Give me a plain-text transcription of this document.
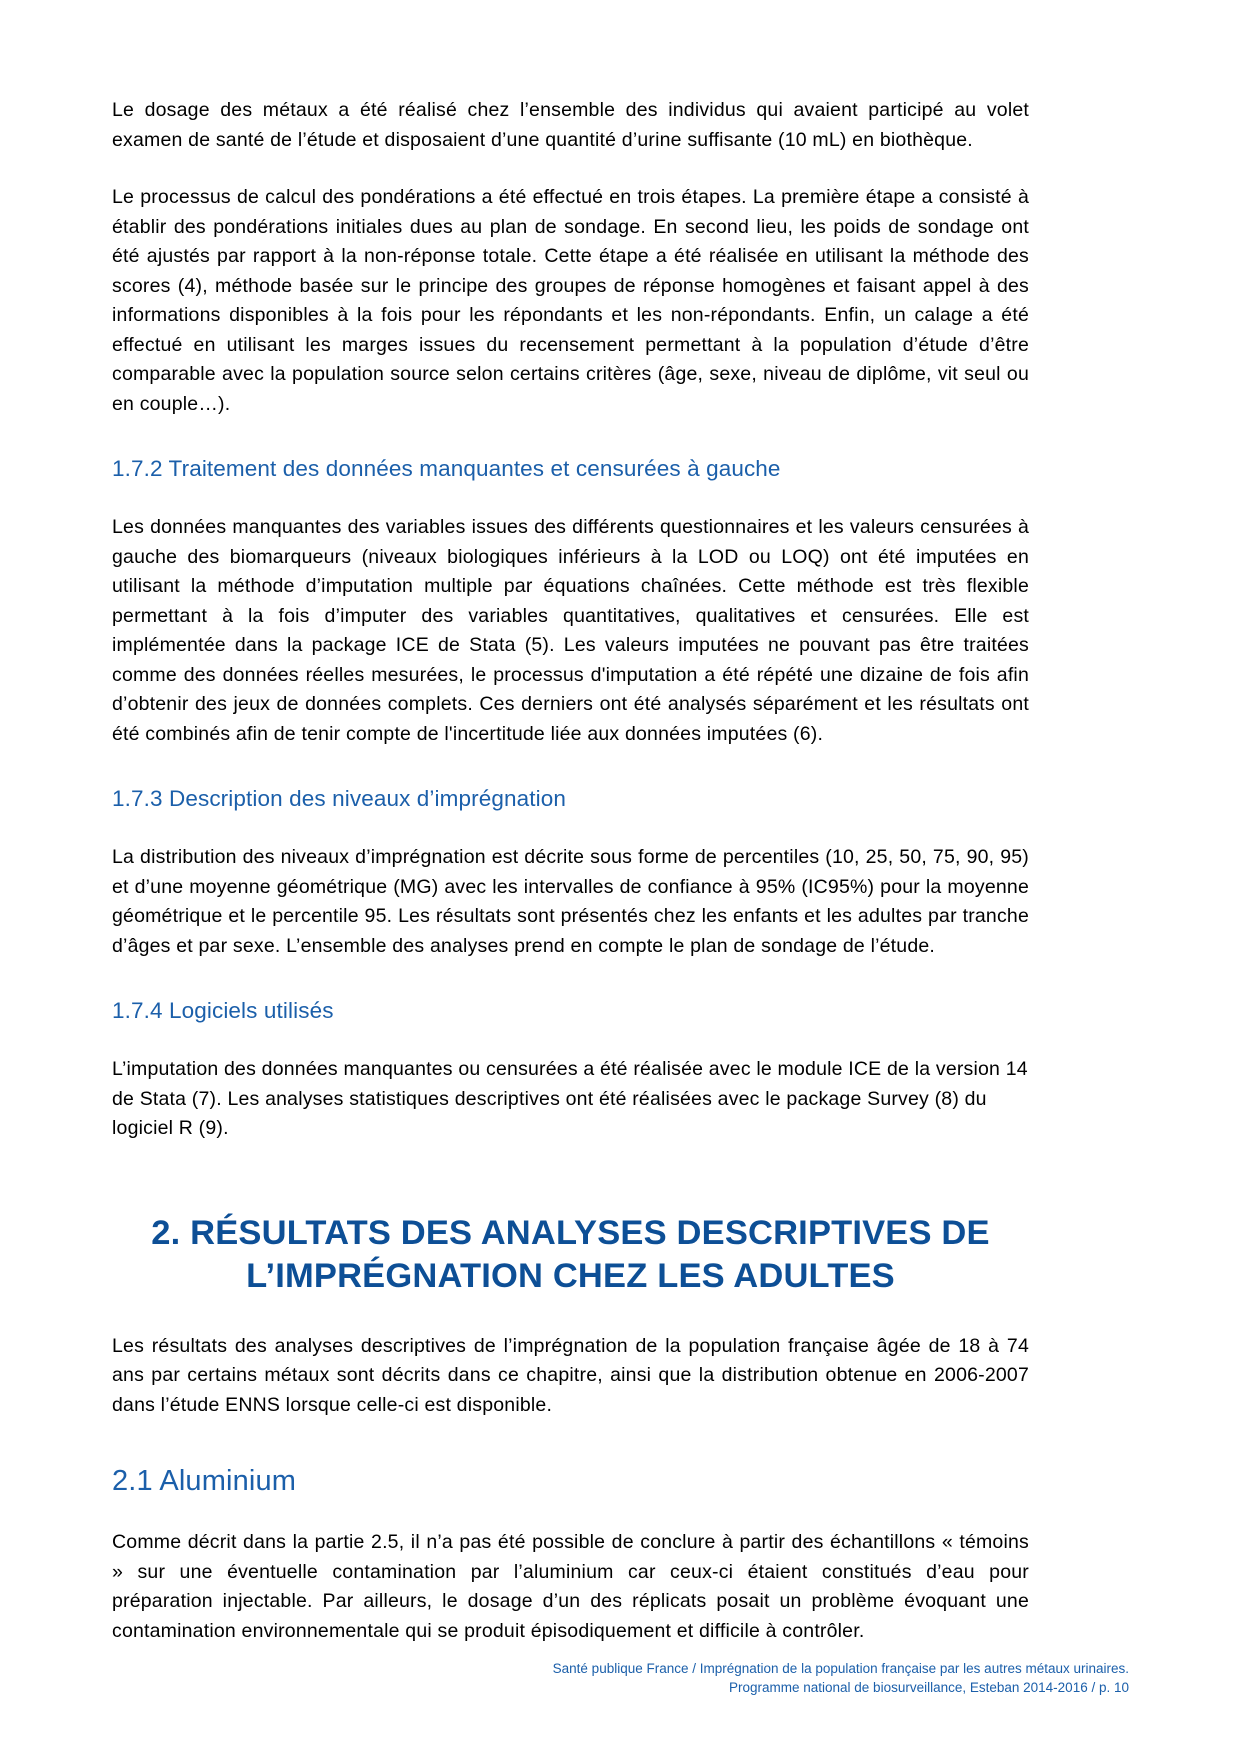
Le dosage des métaux a été réalisé chez l’ensemble des individus qui avaient participé au volet examen de santé de l’étude et disposaient d’une quantité d’urine suffisante (10 mL) en biothèque.

Le processus de calcul des pondérations a été effectué en trois étapes. La première étape a consisté à établir des pondérations initiales dues au plan de sondage. En second lieu, les poids de sondage ont été ajustés par rapport à la non-réponse totale. Cette étape a été réalisée en utilisant la méthode des scores (4), méthode basée sur le principe des groupes de réponse homogènes et faisant appel à des informations disponibles à la fois pour les répondants et les non-répondants. Enfin, un calage a été effectué en utilisant les marges issues du recensement permettant à la population d’étude d’être comparable avec la population source selon certains critères (âge, sexe, niveau de diplôme, vit seul ou en couple…).

1.7.2 Traitement des données manquantes et censurées à gauche

Les données manquantes des variables issues des différents questionnaires et les valeurs censurées à gauche des biomarqueurs (niveaux biologiques inférieurs à la LOD ou LOQ) ont été imputées en utilisant la méthode d’imputation multiple par équations chaînées. Cette méthode est très flexible permettant à la fois d’imputer des variables quantitatives, qualitatives et censurées. Elle est implémentée dans la package ICE de Stata (5). Les valeurs imputées ne pouvant pas être traitées comme des données réelles mesurées, le processus d'imputation a été répété une dizaine de fois afin d’obtenir des jeux de données complets. Ces derniers ont été analysés séparément et les résultats ont été combinés afin de tenir compte de l'incertitude liée aux données imputées (6).

1.7.3 Description des niveaux d’imprégnation

La distribution des niveaux d’imprégnation est décrite sous forme de percentiles (10, 25, 50, 75, 90, 95) et d’une moyenne géométrique (MG) avec les intervalles de confiance à 95% (IC95%) pour la moyenne géométrique et le percentile 95. Les résultats sont présentés chez les enfants et les adultes par tranche d’âges et par sexe. L’ensemble des analyses prend en compte le plan de sondage de l’étude.

1.7.4 Logiciels utilisés

L’imputation des données manquantes ou censurées a été réalisée avec le module ICE de la version 14 de Stata (7). Les analyses statistiques descriptives ont été réalisées avec le package Survey (8) du logiciel R (9).

2. RÉSULTATS DES ANALYSES DESCRIPTIVES DE L’IMPRÉGNATION CHEZ LES ADULTES

Les résultats des analyses descriptives de l’imprégnation de la population française âgée de 18 à 74 ans par certains métaux sont décrits dans ce chapitre, ainsi que la distribution obtenue en 2006-2007 dans l’étude ENNS lorsque celle-ci est disponible.

2.1 Aluminium

Comme décrit dans la partie 2.5, il n’a pas été possible de conclure à partir des échantillons « témoins » sur une éventuelle contamination par l’aluminium car ceux-ci étaient constitués d’eau pour préparation injectable. Par ailleurs, le dosage d’un des réplicats posait un problème évoquant une contamination environnementale qui se produit épisodiquement et difficile à contrôler.

Santé publique France / Imprégnation de la population française par les autres métaux urinaires.
Programme national de biosurveillance, Esteban 2014-2016 / p. 10
